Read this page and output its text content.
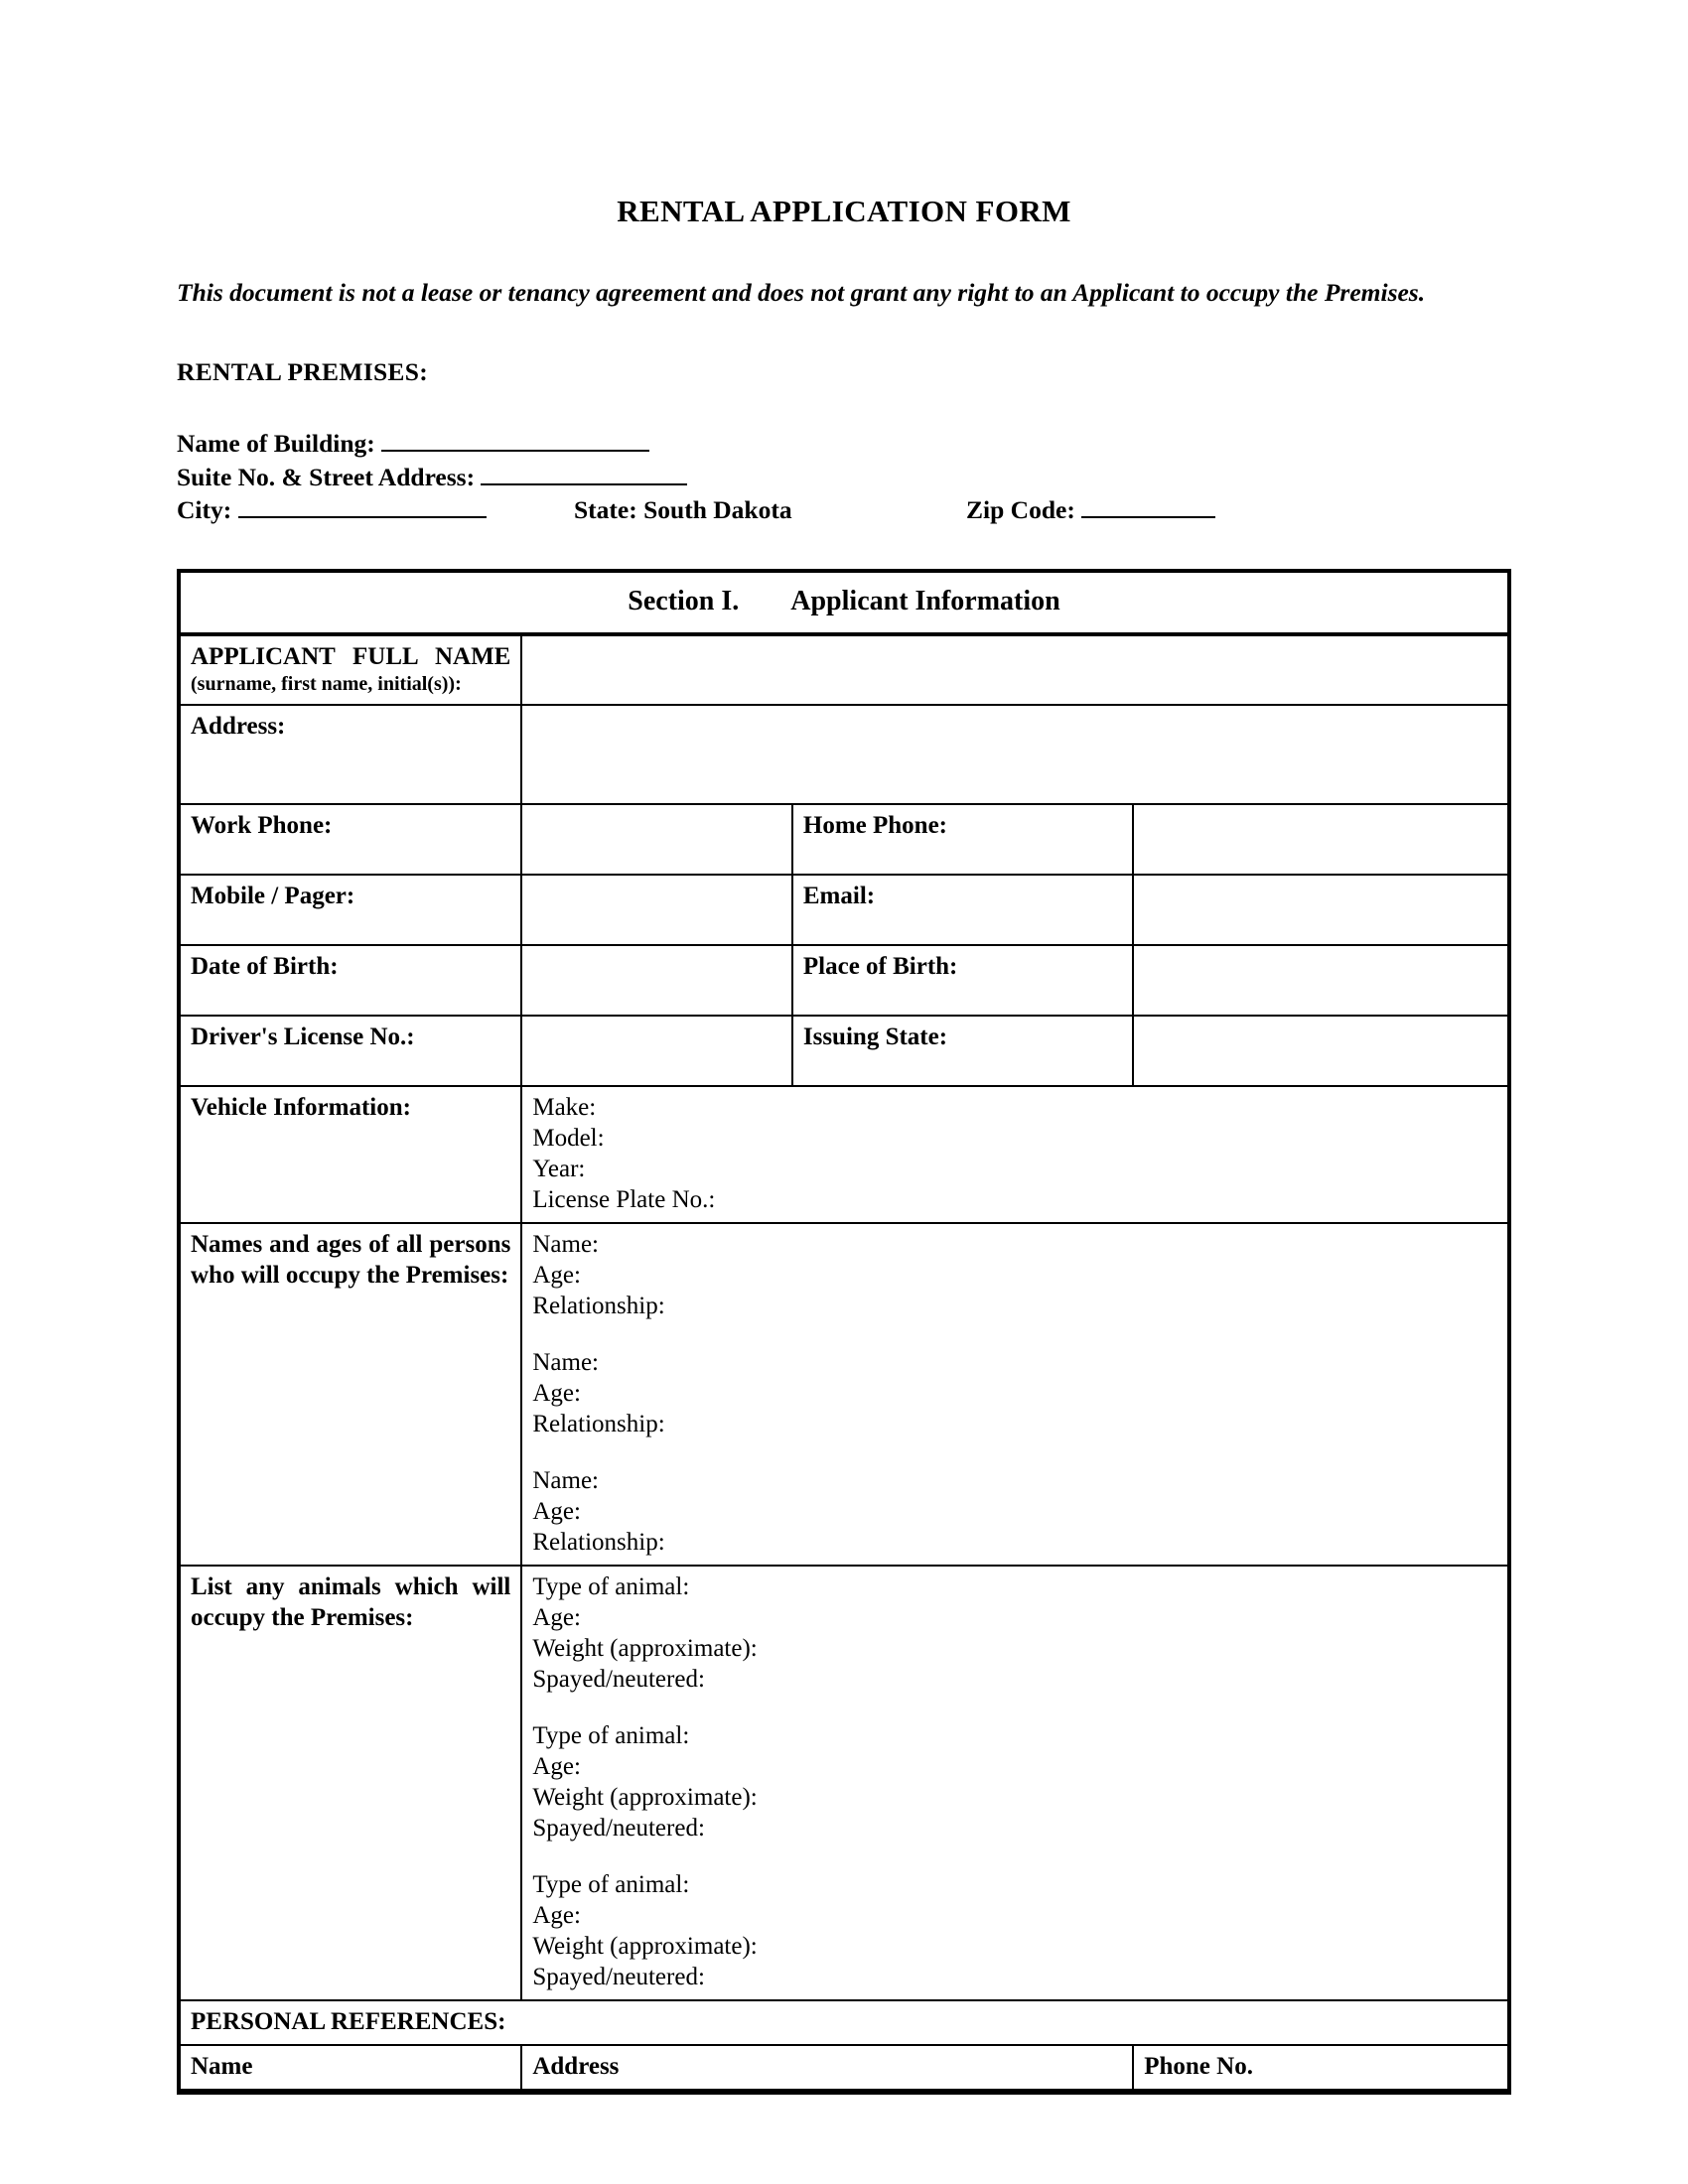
RENTAL APPLICATION FORM
This document is not a lease or tenancy agreement and does not grant any right to an Applicant to occupy the Premises.
RENTAL PREMISES:
Name of Building:
Suite No. & Street Address:
City:	State: South Dakota	Zip Code:
Section I. Applicant Information
APPLICANT FULL NAME
(surname, first name, initial(s)):			

Address:			
Work Phone:		Home Phone:	
Mobile / Pager:		Email:	
Date of Birth:		Place of Birth:	
Driver's License No.:		Issuing State:	
Vehicle Information:	Make:
Model:
Year:
License Plate No.:		

Names and ages of all persons who will occupy the Premises:

Name:
Age:
Relationship:
Name:
Age:
Relationship:
Name:
Age:
Relationship:

List any animals which will occupy the Premises:

Type of animal:
Age:
Weight (approximate):
Spayed/neutered:
Type of animal:
Age:
Weight (approximate):
Spayed/neutered:
Type of animal:
Age:
Weight (approximate):
Spayed/neutered:

PERSONAL REFERENCES:			
Name	Address		Phone No.
